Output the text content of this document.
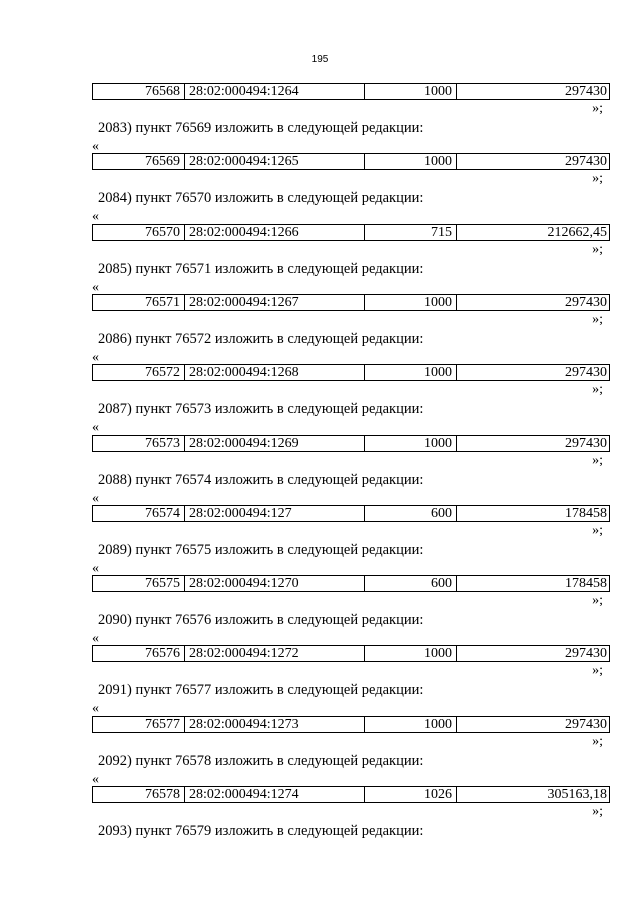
195
76568 28:02:000494:1264	1000	297430
»;
2083) пункт 76569 изложить в следующей редакции:
«
76569 28:02:000494:1265	1000	297430
»;
2084) пункт 76570 изложить в следующей редакции:
«
76570 28:02:000494:1266	715	212662,45
»;
2085) пункт 76571 изложить в следующей редакции:
«
76571 28:02:000494:1267	1000	297430
»;
2086) пункт 76572 изложить в следующей редакции:
«
76572 28:02:000494:1268	1000	297430
»;
2087) пункт 76573 изложить в следующей редакции:
«
76573 28:02:000494:1269	1000	297430
»;
2088) пункт 76574 изложить в следующей редакции:
«
76574 28:02:000494:127	600	178458
»;
2089) пункт 76575 изложить в следующей редакции:
«
76575 28:02:000494:1270	600	178458
»;
2090) пункт 76576 изложить в следующей редакции:
«
76576 28:02:000494:1272	1000	297430
»;
2091) пункт 76577 изложить в следующей редакции:
«
76577 28:02:000494:1273	1000	297430
»;
2092) пункт 76578 изложить в следующей редакции:
«
76578 28:02:000494:1274	1026	305163,18
»;
2093) пункт 76579 изложить в следующей редакции:
